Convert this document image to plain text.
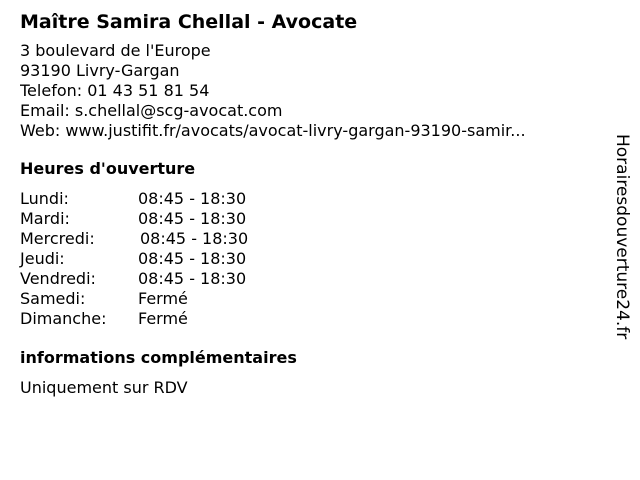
Maître Samira Chellal - Avocate
3 boulevard de l'Europe
93190 Livry-Gargan
Telefon: 01 43 51 81 54
Email: s.chellal@scg-avocat.com
Web: www.justifit.fr/avocats/avocat-livry-gargan-93190-samir...
Heures d'ouverture
Lundi:	08:45 - 18:30
Mardi:	08:45 - 18:30
Mercredi:	08:45 - 18:30
Jeudi:	08:45 - 18:30
Vendredi:	08:45 - 18:30
Samedi:	Fermé
Dimanche: Fermé
informations complémentaires
Uniquement sur RDV
Horairesdouverture24.fr
